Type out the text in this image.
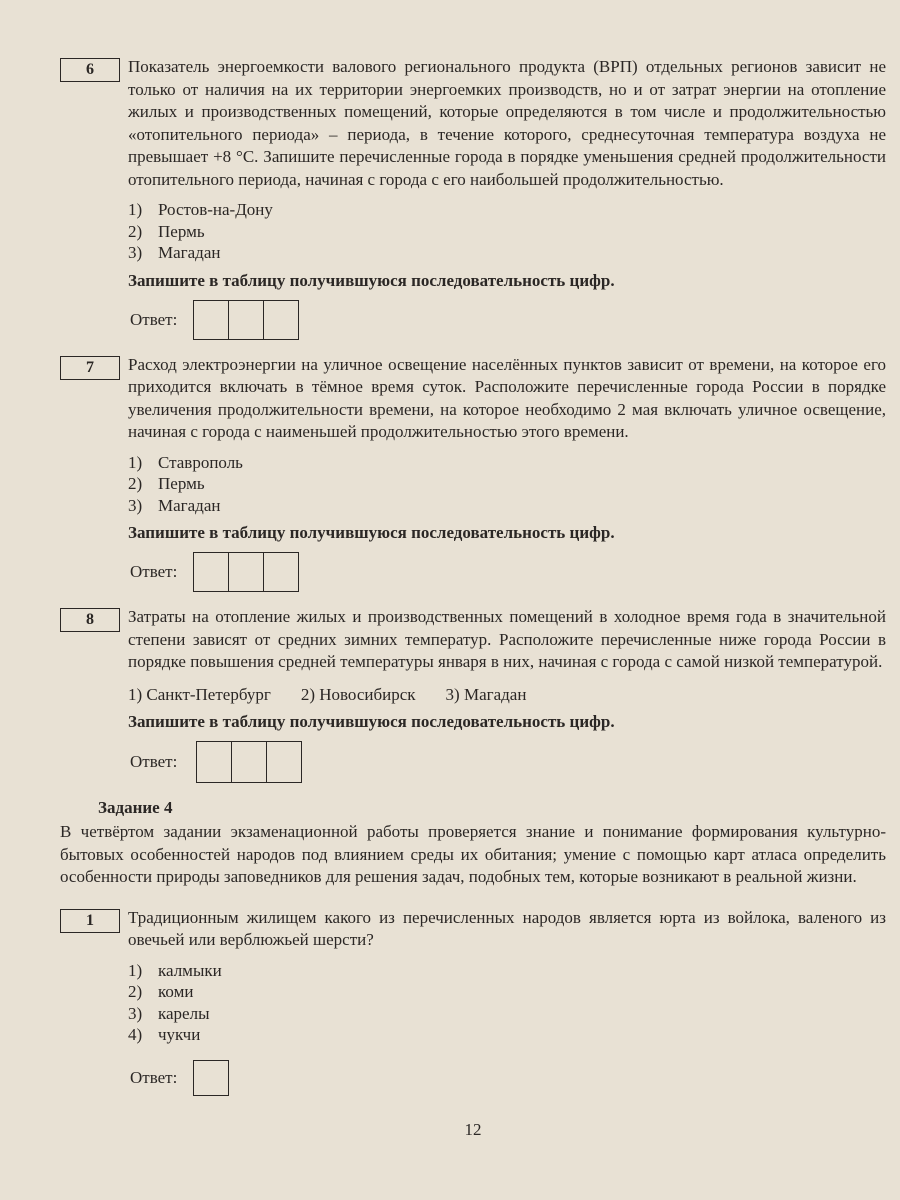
6	Показатель энергоемкости валового регионального продукта (ВРП) отдельных регионов зависит не только от наличия на их территории энергоемких производств, но и от затрат энергии на отопление жилых и производственных помещений, которые определяются в том числе и продолжительностью «отопительного периода» – периода, в течение которого, среднесуточная температура воздуха не превышает +8 °С. Запишите перечисленные города в порядке уменьшения средней продолжительности отопительного периода, начиная с города с его наибольшей продолжительностью.
1) Ростов-на-Дону
2) Пермь
3) Магадан
Запишите в таблицу получившуюся последовательность цифр.
Ответ:
7	Расход электроэнергии на уличное освещение населённых пунктов зависит от времени, на которое его приходится включать в тёмное время суток. Расположите перечисленные города России в порядке увеличения продолжительности времени, на которое необходимо 2 мая включать уличное освещение, начиная с города с наименьшей продолжительностью этого времени.
1) Ставрополь
2) Пермь
3) Магадан
Запишите в таблицу получившуюся последовательность цифр.
Ответ:
8	Затраты на отопление жилых и производственных помещений в холодное время года в значительной степени зависят от средних зимних температур. Расположите перечисленные ниже города России в порядке повышения средней температуры января в них, начиная с города с самой низкой температурой.
1) Санкт-Петербург 2) Новосибирск 3) Магадан
Запишите в таблицу получившуюся последовательность цифр.
Ответ:
Задание 4
В четвёртом задании экзаменационной работы проверяется знание и понимание формирования культурно-бытовых особенностей народов под влиянием среды их обитания; умение с помощью карт атласа определить особенности природы заповедников для решения задач, подобных тем, которые возникают в реальной жизни.
1	Традиционным жилищем какого из перечисленных народов является юрта из войлока, валеного из овечьей или верблюжьей шерсти?
1) калмыки
2) коми
3) карелы
4) чукчи
Ответ:
12
